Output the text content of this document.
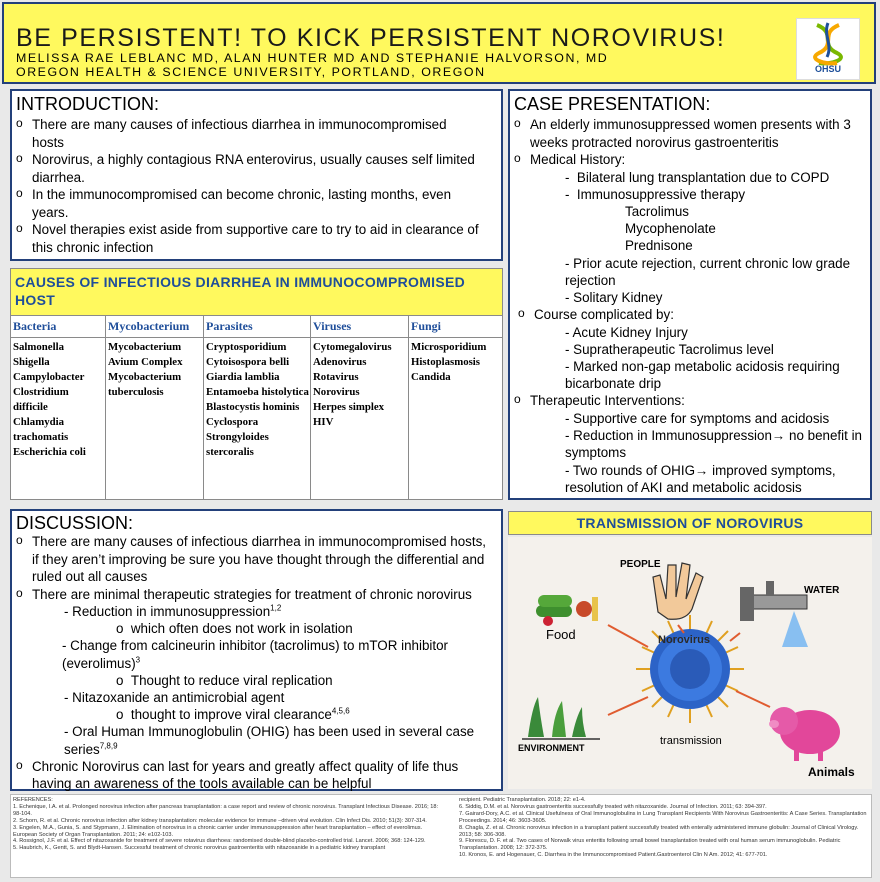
BE PERSISTENT! TO KICK PERSISTENT NOROVIRUS!
MELISSA RAE LEBLANC MD, ALAN HUNTER MD AND STEPHANIE HALVORSON, MD
OREGON HEALTH & SCIENCE UNIVERSITY, PORTLAND, OREGON	OHSU
INTRODUCTION:
o There are many causes of infectious diarrhea in immunocompromised hosts
o Norovirus, a highly contagious RNA enterovirus, usually causes self limited diarrhea.
o In the immunocompromised can become chronic, lasting months, even years.
o Novel therapies exist aside from supportive care to try to aid in clearance of this chronic infection
CAUSES OF INFECTIOUS DIARRHEA IN IMMUNOCOMPROMISED HOST
Bacteria
Salmonella
Shigella
Campylobacter
Clostridium difficile
Chlamydia trachomatis
Escherichia coli
Mycobacterium
Mycobacterium Avium Complex
Mycobacterium tuberculosis
Parasites
Cryptosporidium
Cytoisospora belli
Giardia lamblia
Entamoeba histolytica
Blastocystis hominis
Cyclospora
Strongyloides stercoralis
Viruses
Cytomegalovirus
Adenovirus
Rotavirus
Norovirus
Herpes simplex
HIV
Fungi
Microsporidium
Histoplasmosis
Candida
CASE PRESENTATION:
o An elderly immunosuppressed women presents with 3 weeks protracted norovirus gastroenteritis
o Medical History:
-  Bilateral lung transplantation due to COPD
-  Immunosuppressive therapy
Tacrolimus
Mycophenolate
Prednisone
- Prior acute rejection, current chronic low grade rejection
- Solitary Kidney
o Course complicated by:
- Acute Kidney Injury
- Supratherapeutic Tacrolimus level
- Marked non-gap metabolic acidosis requiring bicarbonate drip
o Therapeutic Interventions:
- Supportive care for symptoms and acidosis
- Reduction in Immunosuppression→ no benefit in symptoms
- Two rounds of OHIG→ improved symptoms, resolution of AKI and metabolic acidosis
DISCUSSION:
o There are many causes of infectious diarrhea in immunocompromised hosts, if they aren’t improving be sure you have thought through the differential and ruled out all causes
o There are minimal therapeutic strategies for treatment of chronic norovirus
- Reduction in immunosuppression$^{1,2}$
o  which often does not work in isolation
- Change from calcineurin inhibitor (tacrolimus) to mTOR inhibitor (everolimus)$^3$
o  Thought to reduce viral replication
- Nitazoxanide an antimicrobial agent
o  thought to improve viral clearance$^{4,5,6}$
- Oral Human Immunoglobulin (OHIG) has been used in several case series$^{7,8,9}$
o Chronic Norovirus can last for years and greatly affect quality of life thus having an awareness of the tools available can be helpful
TRANSMISSION OF NOROVIRUS
PEOPLE
WATER
Food	Norovirus
ENVIRONMENT
transmission
Animals
REFERENCES:
1. Echenique, I.A. et al. Prolonged norovirus infection after pancreas transplantation: a case report and review of chronic norovirus. Transplant Infectious Disease. 2016; 18: 98-104.
2. Schorn, R. et al. Chronic norovirus infection after kidney transplantation: molecular evidence for immune –driven viral evolution. Clin Infect Dis. 2010; 51(3): 307-314.
3. Engelen, M.A., Gunia, S. and Stypmann, J. Elimination of norovirus in a chronic carrier under immunosuppression after heart transplantation – effect of everolimus. European Society of Organ Transplantation. 2011; 24: e102-103.
4. Rossignol, J.F. et al. Effect of nitazoxanide for treatment of severe rotavirus diarrhoea: randomised double-blind placebo-controlled trial. Lancet. 2006; 368: 124-129.
5. Haubrich, K., Gentt, S. and Blydt-Hansen. Successful treatment of chronic norovirus gastroenteritis with nitazoxanide in a pediatric kidney transplant
recipient. Pediatric Transplantation. 2018; 22: e1-4.
6. Siddiq, D.M. et al. Norovirus gastroenteritis successfully treated with nitazoxanide. Journal of Infection. 2011; 63: 394-397.
7. Gairard-Dory, A.C. et al. Clinical Usefulness of Oral Immunoglobulins in Lung Transplant Recipients With Norovirus Gastroenteritis: A Case Series. Transplantation Proceedings. 2014; 46: 3603-3605.
8. Chagla, Z. et al. Chronic norovirus infection in a transplant patient successfully treated with enterally administered immune globulin: Journal of Clinical Virology. 2013; 58: 306-308.
9. Florescu, D. F. et al. Two cases of Norwalk virus enteritis following small bowel transplantation treated with oral human serum immunoglobulin. Pediatric Transplantation. 2008; 12: 372-375.
10. Kronos, E. and Hogenauer, C. Diarrhea in the Immunocompromised Patient.Gastroenterol Clin N Am. 2012; 41: 677-701.
